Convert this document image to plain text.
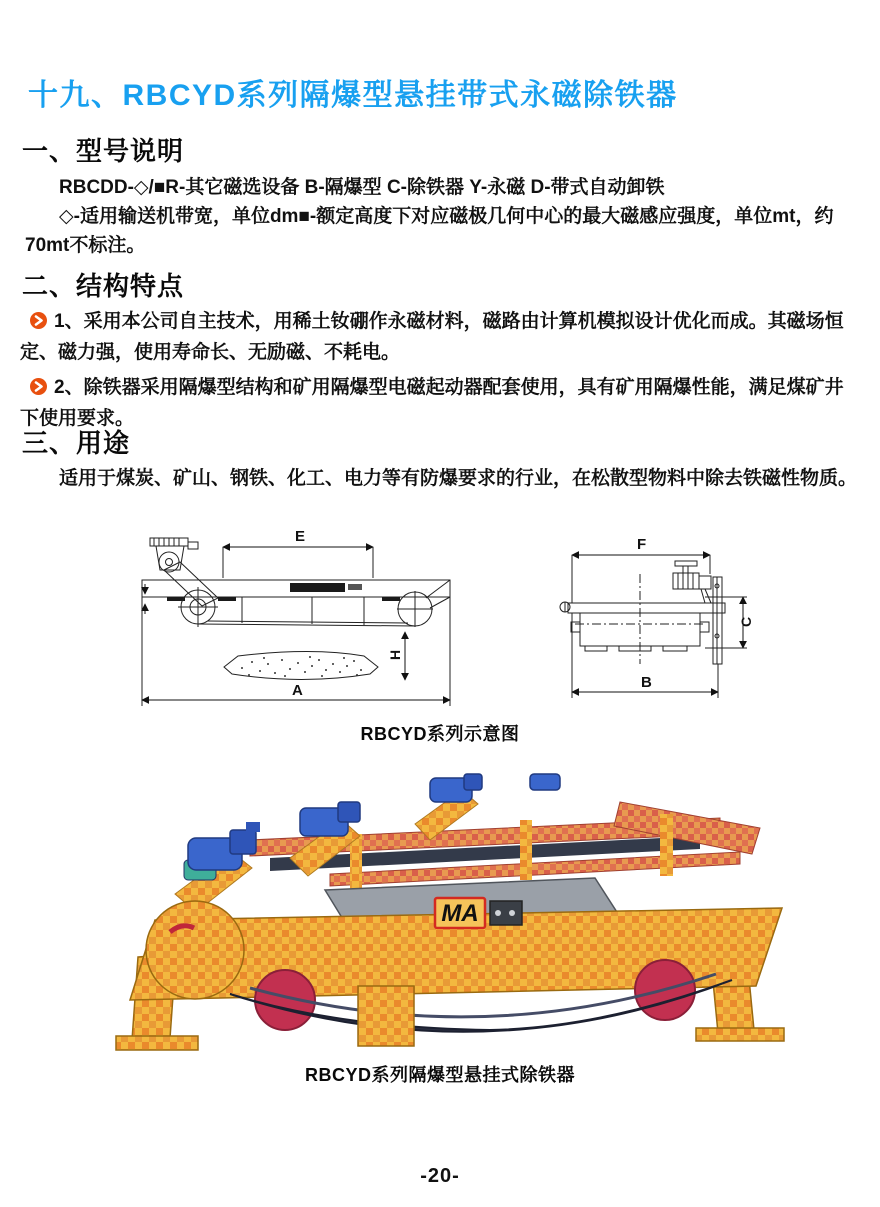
十九、RBCYD系列隔爆型悬挂带式永磁除铁器
一、型号说明
RBCDD-◇/■R-其它磁选设备 B-隔爆型 C-除铁器 Y-永磁 D-带式自动卸铁
◇-适用输送机带宽，单位dm■-额定高度下对应磁极几何中心的最大磁感应强度，单位mt，约70mt不标注。
二、结构特点

1、采用本公司自主技术，用稀土钕硼作永磁材料，磁路由计算机模拟设计优化而成。其磁场恒定、磁力强，使用寿命长、无励磁、不耗电。

2、除铁器采用隔爆型结构和矿用隔爆型电磁起动器配套使用，具有矿用隔爆性能，满足煤矿井下使用要求。

三、用途
适用于煤炭、矿山、钢铁、化工、电力等有防爆要求的行业，在松散型物料中除去铁磁性物质。
E
H
A
F
C
B
RBCYD系列示意图
MA
RBCYD系列隔爆型悬挂式除铁器
-20-
